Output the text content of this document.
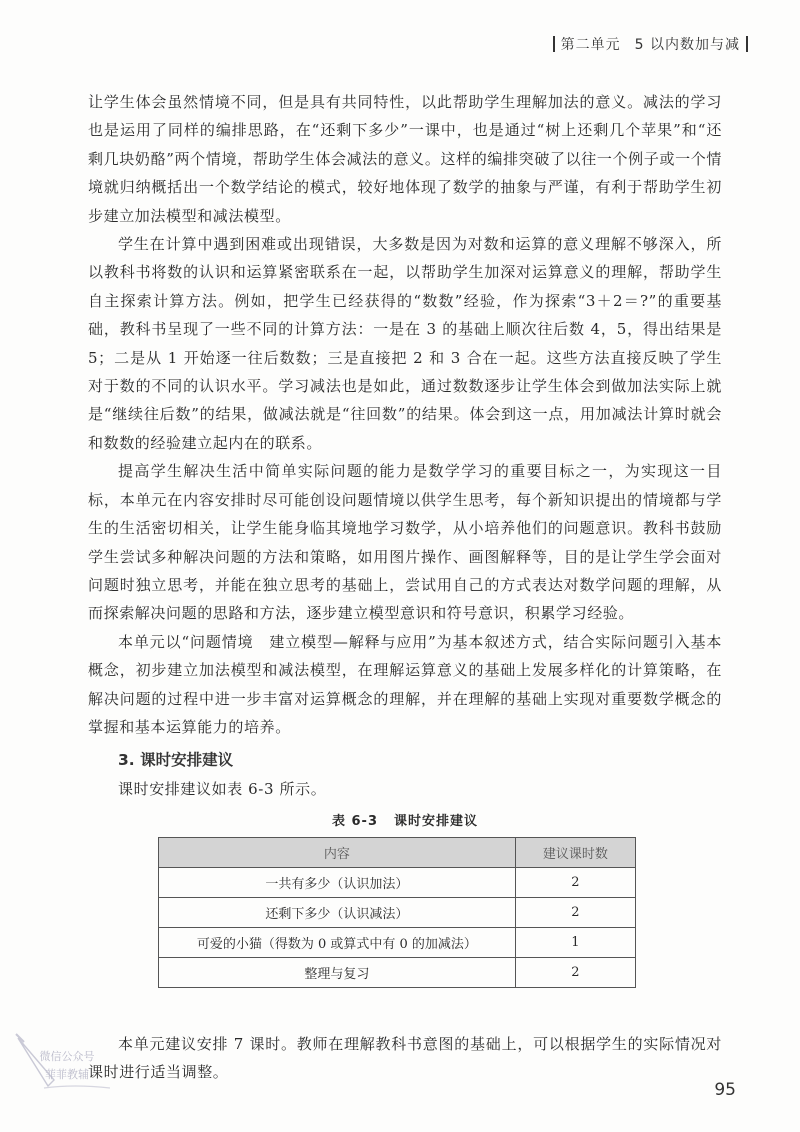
第二单元 5 以内数加与减

让学生体会虽然情境不同，但是具有共同特性，以此帮助学生理解加法的意义。减法的学习也是运用了同样的编排思路，在“还剩下多少”一课中，也是通过“树上还剩几个苹果”和“还剩几块奶酪”两个情境，帮助学生体会减法的意义。这样的编排突破了以往一个例子或一个情境就归纳概括出一个数学结论的模式，较好地体现了数学的抽象与严谨，有利于帮助学生初步建立加法模型和减法模型。

学生在计算中遇到困难或出现错误，大多数是因为对数和运算的意义理解不够深入，所以教科书将数的认识和运算紧密联系在一起，以帮助学生加深对运算意义的理解，帮助学生自主探索计算方法。例如，把学生已经获得的“数数”经验，作为探索“3＋2＝?”的重要基础，教科书呈现了一些不同的计算方法：一是在 3 的基础上顺次往后数 4，5，得出结果是 5；二是从 1 开始逐一往后数数；三是直接把 2 和 3 合在一起。这些方法直接反映了学生对于数的不同的认识水平。学习减法也是如此，通过数数逐步让学生体会到做加法实际上就是“继续往后数”的结果，做减法就是“往回数”的结果。体会到这一点，用加减法计算时就会和数数的经验建立起内在的联系。

提高学生解决生活中简单实际问题的能力是数学学习的重要目标之一，为实现这一目标，本单元在内容安排时尽可能创设问题情境以供学生思考，每个新知识提出的情境都与学生的生活密切相关，让学生能身临其境地学习数学，从小培养他们的问题意识。教科书鼓励学生尝试多种解决问题的方法和策略，如用图片操作、画图解释等，目的是让学生学会面对问题时独立思考，并能在独立思考的基础上，尝试用自己的方式表达对数学问题的理解，从而探索解决问题的思路和方法，逐步建立模型意识和符号意识，积累学习经验。

本单元以“问题情境　建立模型—解释与应用”为基本叙述方式，结合实际问题引入基本概念，初步建立加法模型和减法模型，在理解运算意义的基础上发展多样化的计算策略，在解决问题的过程中进一步丰富对运算概念的理解，并在理解的基础上实现对重要数学概念的掌握和基本运算能力的培养。

3. 课时安排建议

课时安排建议如表 6-3 所示。

表 6-3 课时安排建议
内容	建议课时数
一共有多少（认识加法）	2
还剩下多少（认识减法）	2
可爱的小猫（得数为 0 或算式中有 0 的加减法）	1
整理与复习	2

本单元建议安排 7 课时。教师在理解教科书意图的基础上，可以根据学生的实际情况对课时进行适当调整。

微信公众号
菲菲教辅
95
